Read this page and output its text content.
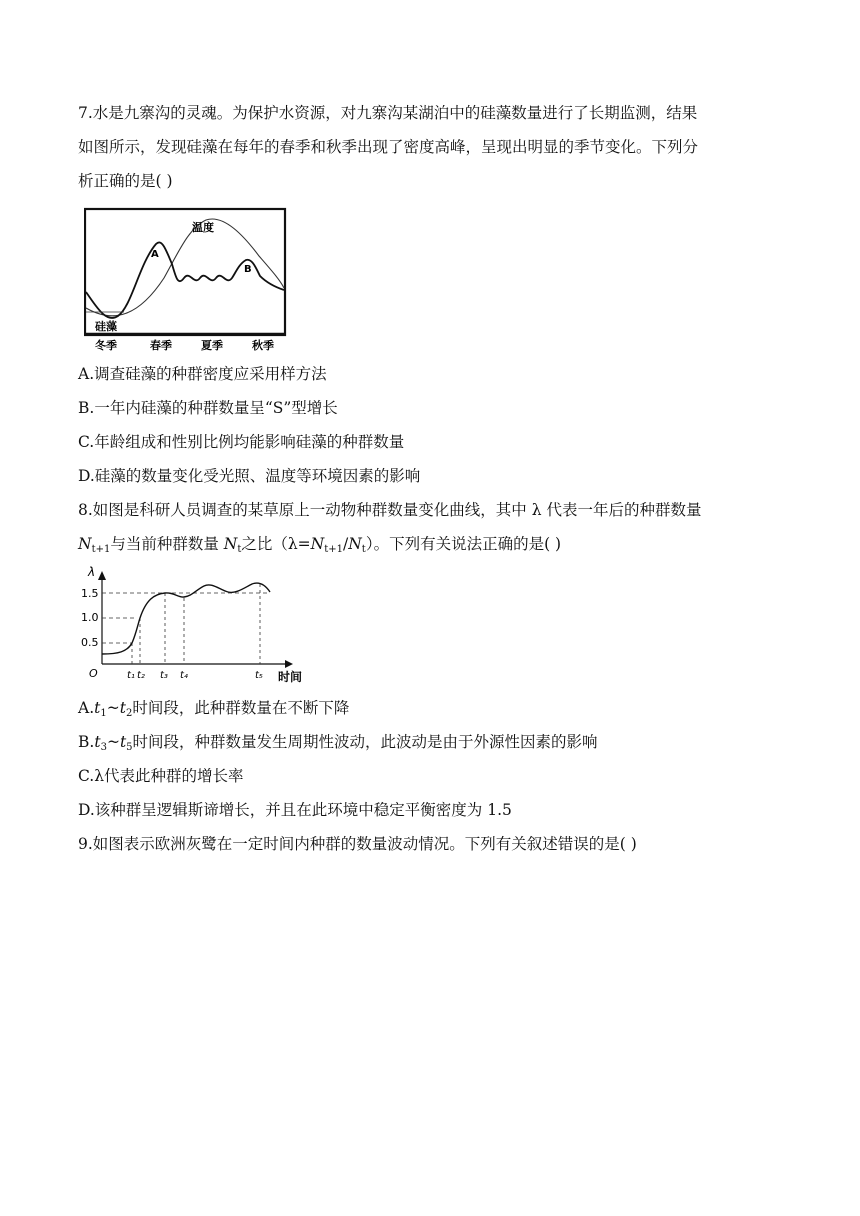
7.水是九寨沟的灵魂。为保护水资源，对九寨沟某湖泊中的硅藻数量进行了长期监测，结果
如图所示，发现硅藻在每年的春季和秋季出现了密度高峰，呈现出明显的季节变化。下列分
析正确的是( )
温度
A
B
硅藻
冬季	春季	夏季	秋季
A.调查硅藻的种群密度应采用样方法
B.一年内硅藻的种群数量呈“S”型增长
C.年龄组成和性别比例均能影响硅藻的种群数量
D.硅藻的数量变化受光照、温度等环境因素的影响
8.如图是科研人员调查的某草原上一动物种群数量变化曲线，其中 λ 代表一年后的种群数量
$N_{t+1}$与当前种群数量 $N_t$之比$(\lambda=N_{t+1}/N_t)$。下列有关说法正确的是( )
λ
1.5
1.0
0.5
O	t₁ t₂ t₃ t₄	t₅ 时间
$A.t_1\sim t_2$时间段，此种群数量在不断下降
$B.t_3\sim t_5$时间段，种群数量发生周期性波动，此波动是由于外源性因素的影响
C.λ代表此种群的增长率
D.该种群呈逻辑斯谛增长，并且在此环境中稳定平衡密度为 1.5
9.如图表示欧洲灰鹭在一定时间内种群的数量波动情况。下列有关叙述错误的是( )
